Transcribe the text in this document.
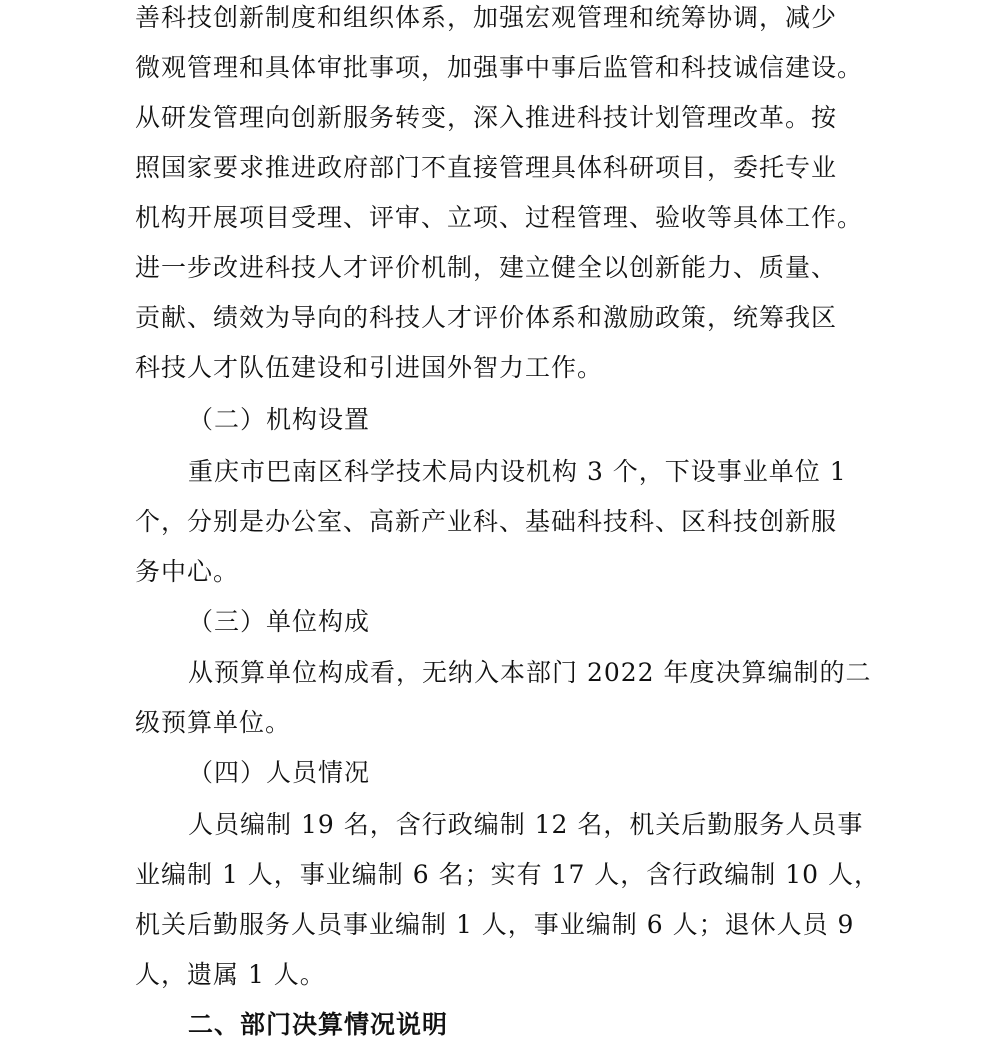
善科技创新制度和组织体系，加强宏观管理和统筹协调，减少
微观管理和具体审批事项，加强事中事后监管和科技诚信建设。
从研发管理向创新服务转变，深入推进科技计划管理改革。按
照国家要求推进政府部门不直接管理具体科研项目，委托专业
机构开展项目受理、评审、立项、过程管理、验收等具体工作。
进一步改进科技人才评价机制，建立健全以创新能力、质量、
贡献、绩效为导向的科技人才评价体系和激励政策，统筹我区
科技人才队伍建设和引进国外智力工作。
（二）机构设置
重庆市巴南区科学技术局内设机构 3 个，下设事业单位 1
个，分别是办公室、高新产业科、基础科技科、区科技创新服
务中心。
（三）单位构成
从预算单位构成看，无纳入本部门 2022 年度决算编制的二
级预算单位。
（四）人员情况
人员编制 19 名，含行政编制 12 名，机关后勤服务人员事
业编制 1 人，事业编制 6 名；实有 17 人，含行政编制 10 人，
机关后勤服务人员事业编制 1 人，事业编制 6 人；退休人员 9
人，遗属 1 人。
二、部门决算情况说明
